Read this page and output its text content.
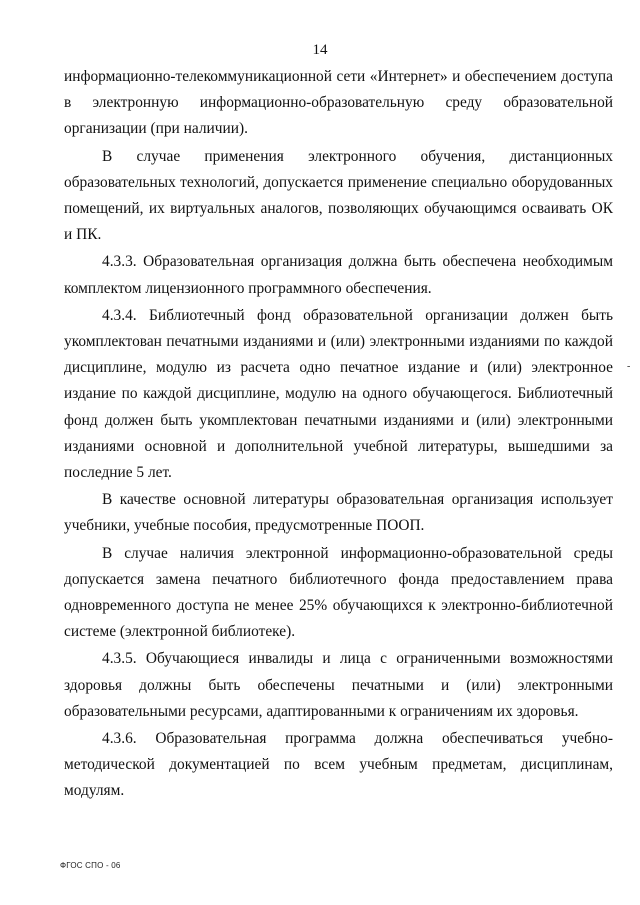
14

информационно-телекоммуникационной сети «Интернет» и обеспечением доступа в электронную информационно-образовательную среду образовательной организации (при наличии).

В случае применения электронного обучения, дистанционных образовательных технологий, допускается применение специально оборудованных помещений, их виртуальных аналогов, позволяющих обучающимся осваивать ОК и ПК.

4.3.3. Образовательная организация должна быть обеспечена необходимым комплектом лицензионного программного обеспечения.

4.3.4. Библиотечный фонд образовательной организации должен быть укомплектован печатными изданиями и (или) электронными изданиями по каждой дисциплине, модулю из расчета одно печатное издание и (или) электронное издание по каждой дисциплине, модулю на одного обучающегося. Библиотечный фонд должен быть укомплектован печатными изданиями и (или) электронными изданиями основной и дополнительной учебной литературы, вышедшими за последние 5 лет.

В качестве основной литературы образовательная организация использует учебники, учебные пособия, предусмотренные ПООП.

В случае наличия электронной информационно-образовательной среды допускается замена печатного библиотечного фонда предоставлением права одновременного доступа не менее 25% обучающихся к электронно-библиотечной системе (электронной библиотеке).

4.3.5. Обучающиеся инвалиды и лица с ограниченными возможностями здоровья должны быть обеспечены печатными и (или) электронными образовательными ресурсами, адаптированными к ограничениям их здоровья.

4.3.6. Образовательная программа должна обеспечиваться учебно-методической документацией по всем учебным предметам, дисциплинам, модулям.

-
ФГОС СПО - 06
